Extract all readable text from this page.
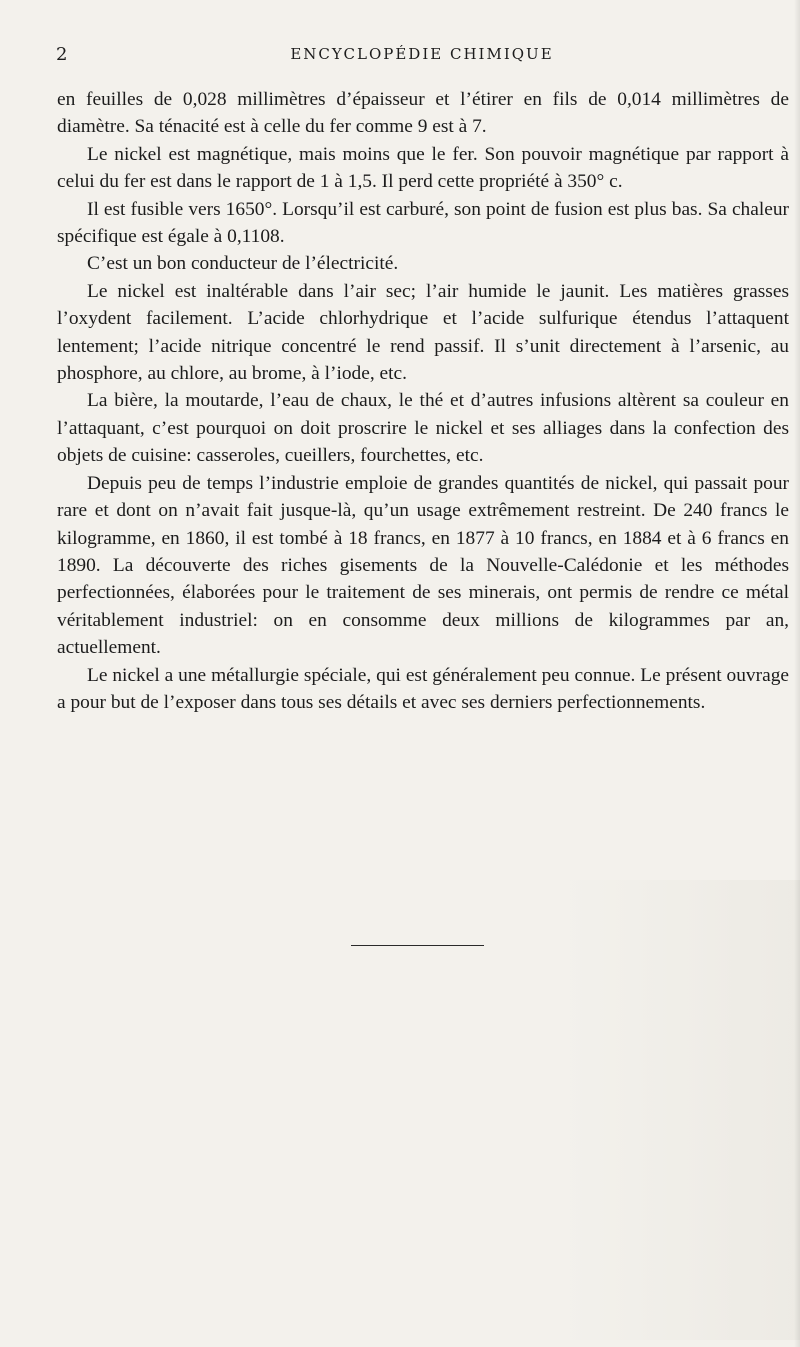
2	ENCYCLOPÉDIE CHIMIQUE

en feuilles de 0,028 millimètres d’épaisseur et l’étirer en fils de 0,014 millimètres de diamètre. Sa ténacité est à celle du fer comme 9 est à 7.

Le nickel est magnétique, mais moins que le fer. Son pouvoir magnétique par rapport à celui du fer est dans le rapport de 1 à 1,5. Il perd cette propriété à 350° c.

Il est fusible vers 1650°. Lorsqu’il est carburé, son point de fusion est plus bas. Sa chaleur spécifique est égale à 0,1108.

C’est un bon conducteur de l’électricité.

Le nickel est inaltérable dans l’air sec; l’air humide le jaunit. Les matières grasses l’oxydent facilement. L’acide chlorhydrique et l’acide sulfurique étendus l’attaquent lentement; l’acide nitrique concentré le rend passif. Il s’unit directement à l’arsenic, au phosphore, au chlore, au brome, à l’iode, etc.

La bière, la moutarde, l’eau de chaux, le thé et d’autres infusions altèrent sa couleur en l’attaquant, c’est pourquoi on doit proscrire le nickel et ses alliages dans la confection des objets de cuisine: casseroles, cueillers, fourchettes, etc.

Depuis peu de temps l’industrie emploie de grandes quantités de nickel, qui passait pour rare et dont on n’avait fait jusque-là, qu’un usage extrêmement restreint. De 240 francs le kilogramme, en 1860, il est tombé à 18 francs, en 1877 à 10 francs, en 1884 et à 6 francs en 1890. La découverte des riches gisements de la Nouvelle-Calédonie et les méthodes perfectionnées, élaborées pour le traitement de ses minerais, ont permis de rendre ce métal véritablement industriel: on en consomme deux millions de kilogrammes par an, actuellement.

Le nickel a une métallurgie spéciale, qui est généralement peu connue. Le présent ouvrage a pour but de l’exposer dans tous ses détails et avec ses derniers perfectionnements.
